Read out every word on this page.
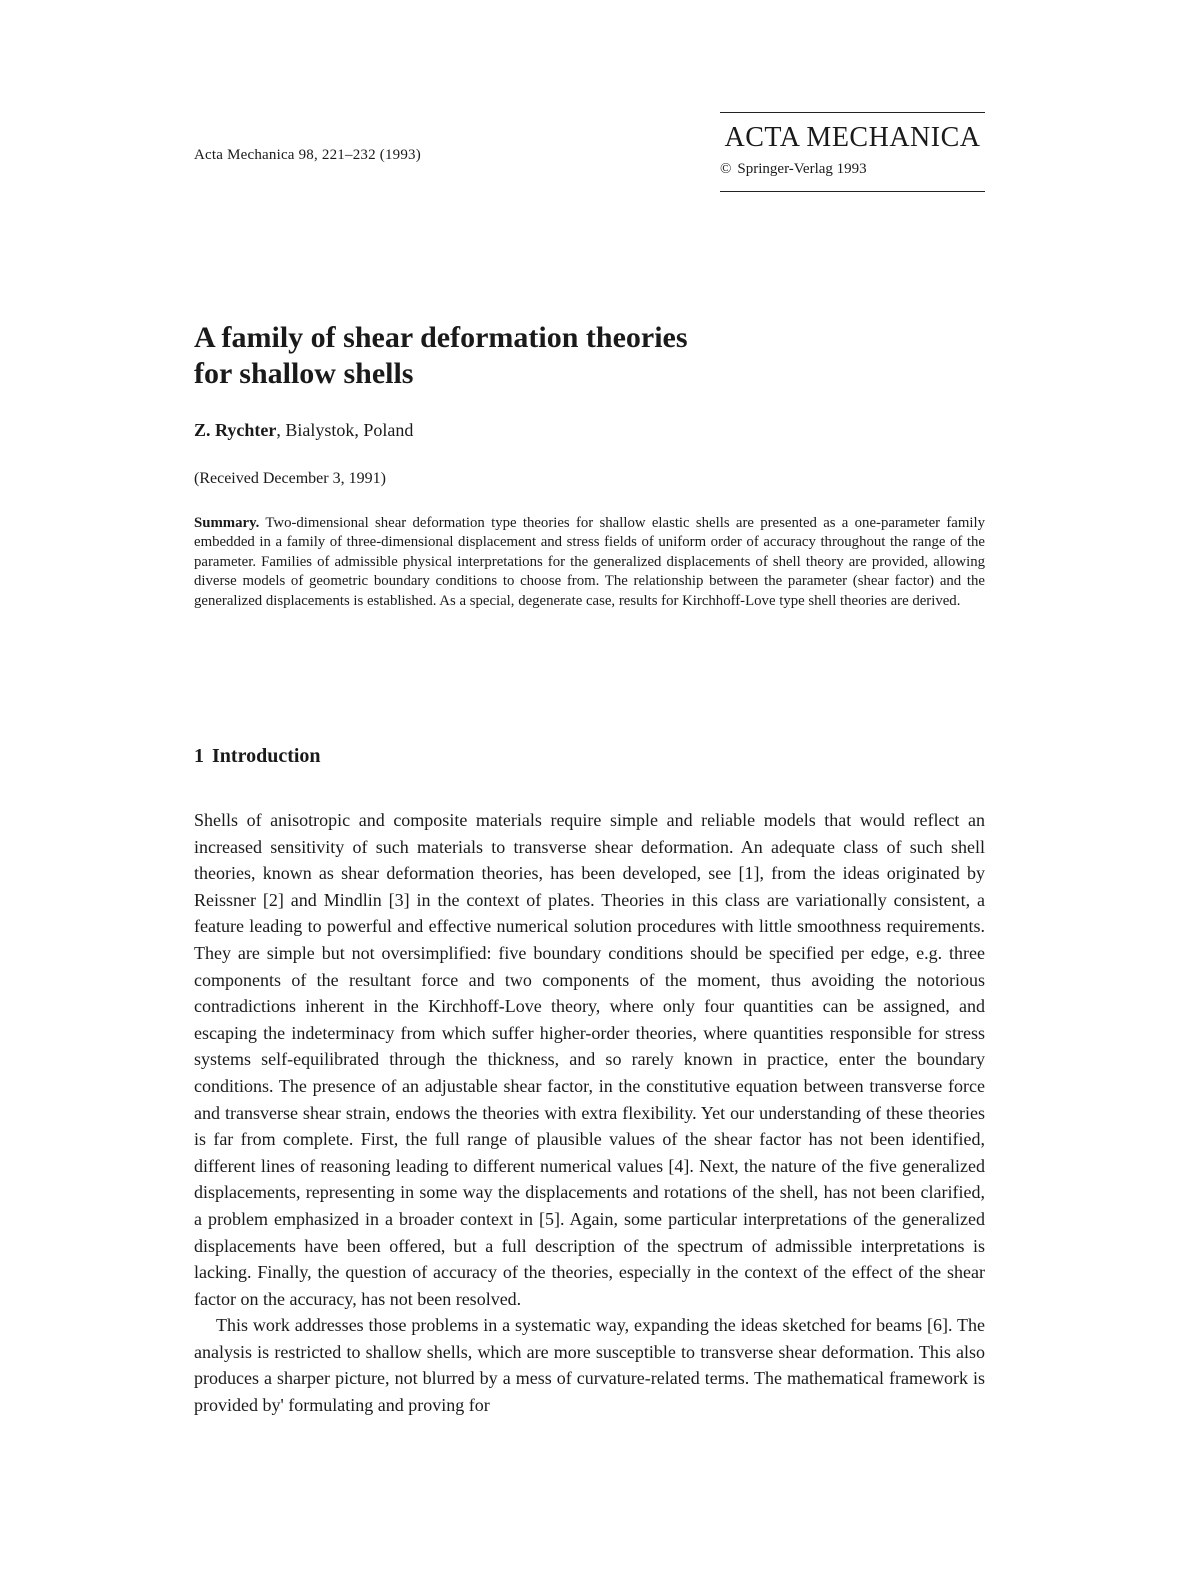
Acta Mechanica 98, 221–232 (1993)
ACTA MECHANICA
© Springer-Verlag 1993
A family of shear deformation theories
for shallow shells
Z. Rychter, Bialystok, Poland
(Received December 3, 1991)

Summary. Two-dimensional shear deformation type theories for shallow elastic shells are presented as a one-parameter family embedded in a family of three-dimensional displacement and stress fields of uniform order of accuracy throughout the range of the parameter. Families of admissible physical interpretations for the generalized displacements of shell theory are provided, allowing diverse models of geometric boundary conditions to choose from. The relationship between the parameter (shear factor) and the generalized displacements is established. As a special, degenerate case, results for Kirchhoff-Love type shell theories are derived.

1 Introduction

Shells of anisotropic and composite materials require simple and reliable models that would reflect an increased sensitivity of such materials to transverse shear deformation. An adequate class of such shell theories, known as shear deformation theories, has been developed, see [1], from the ideas originated by Reissner [2] and Mindlin [3] in the context of plates. Theories in this class are variationally consistent, a feature leading to powerful and effective numerical solution procedures with little smoothness requirements. They are simple but not oversimplified: five boundary conditions should be specified per edge, e.g. three components of the resultant force and two components of the moment, thus avoiding the notorious contradictions inherent in the Kirchhoff-Love theory, where only four quantities can be assigned, and escaping the indeterminacy from which suffer higher-order theories, where quantities responsible for stress systems self-equilibrated through the thickness, and so rarely known in practice, enter the boundary conditions. The presence of an adjustable shear factor, in the constitutive equation between transverse force and transverse shear strain, endows the theories with extra flexibility. Yet our understanding of these theories is far from complete. First, the full range of plausible values of the shear factor has not been identified, different lines of reasoning leading to different numerical values [4]. Next, the nature of the five generalized displacements, representing in some way the displacements and rotations of the shell, has not been clarified, a problem emphasized in a broader context in [5]. Again, some particular interpretations of the generalized displacements have been offered, but a full description of the spectrum of admissible interpretations is lacking. Finally, the question of accuracy of the theories, especially in the context of the effect of the shear factor on the accuracy, has not been resolved.

This work addresses those problems in a systematic way, expanding the ideas sketched for beams [6]. The analysis is restricted to shallow shells, which are more susceptible to transverse shear deformation. This also produces a sharper picture, not blurred by a mess of curvature-related terms. The mathematical framework is provided by' formulating and proving for
